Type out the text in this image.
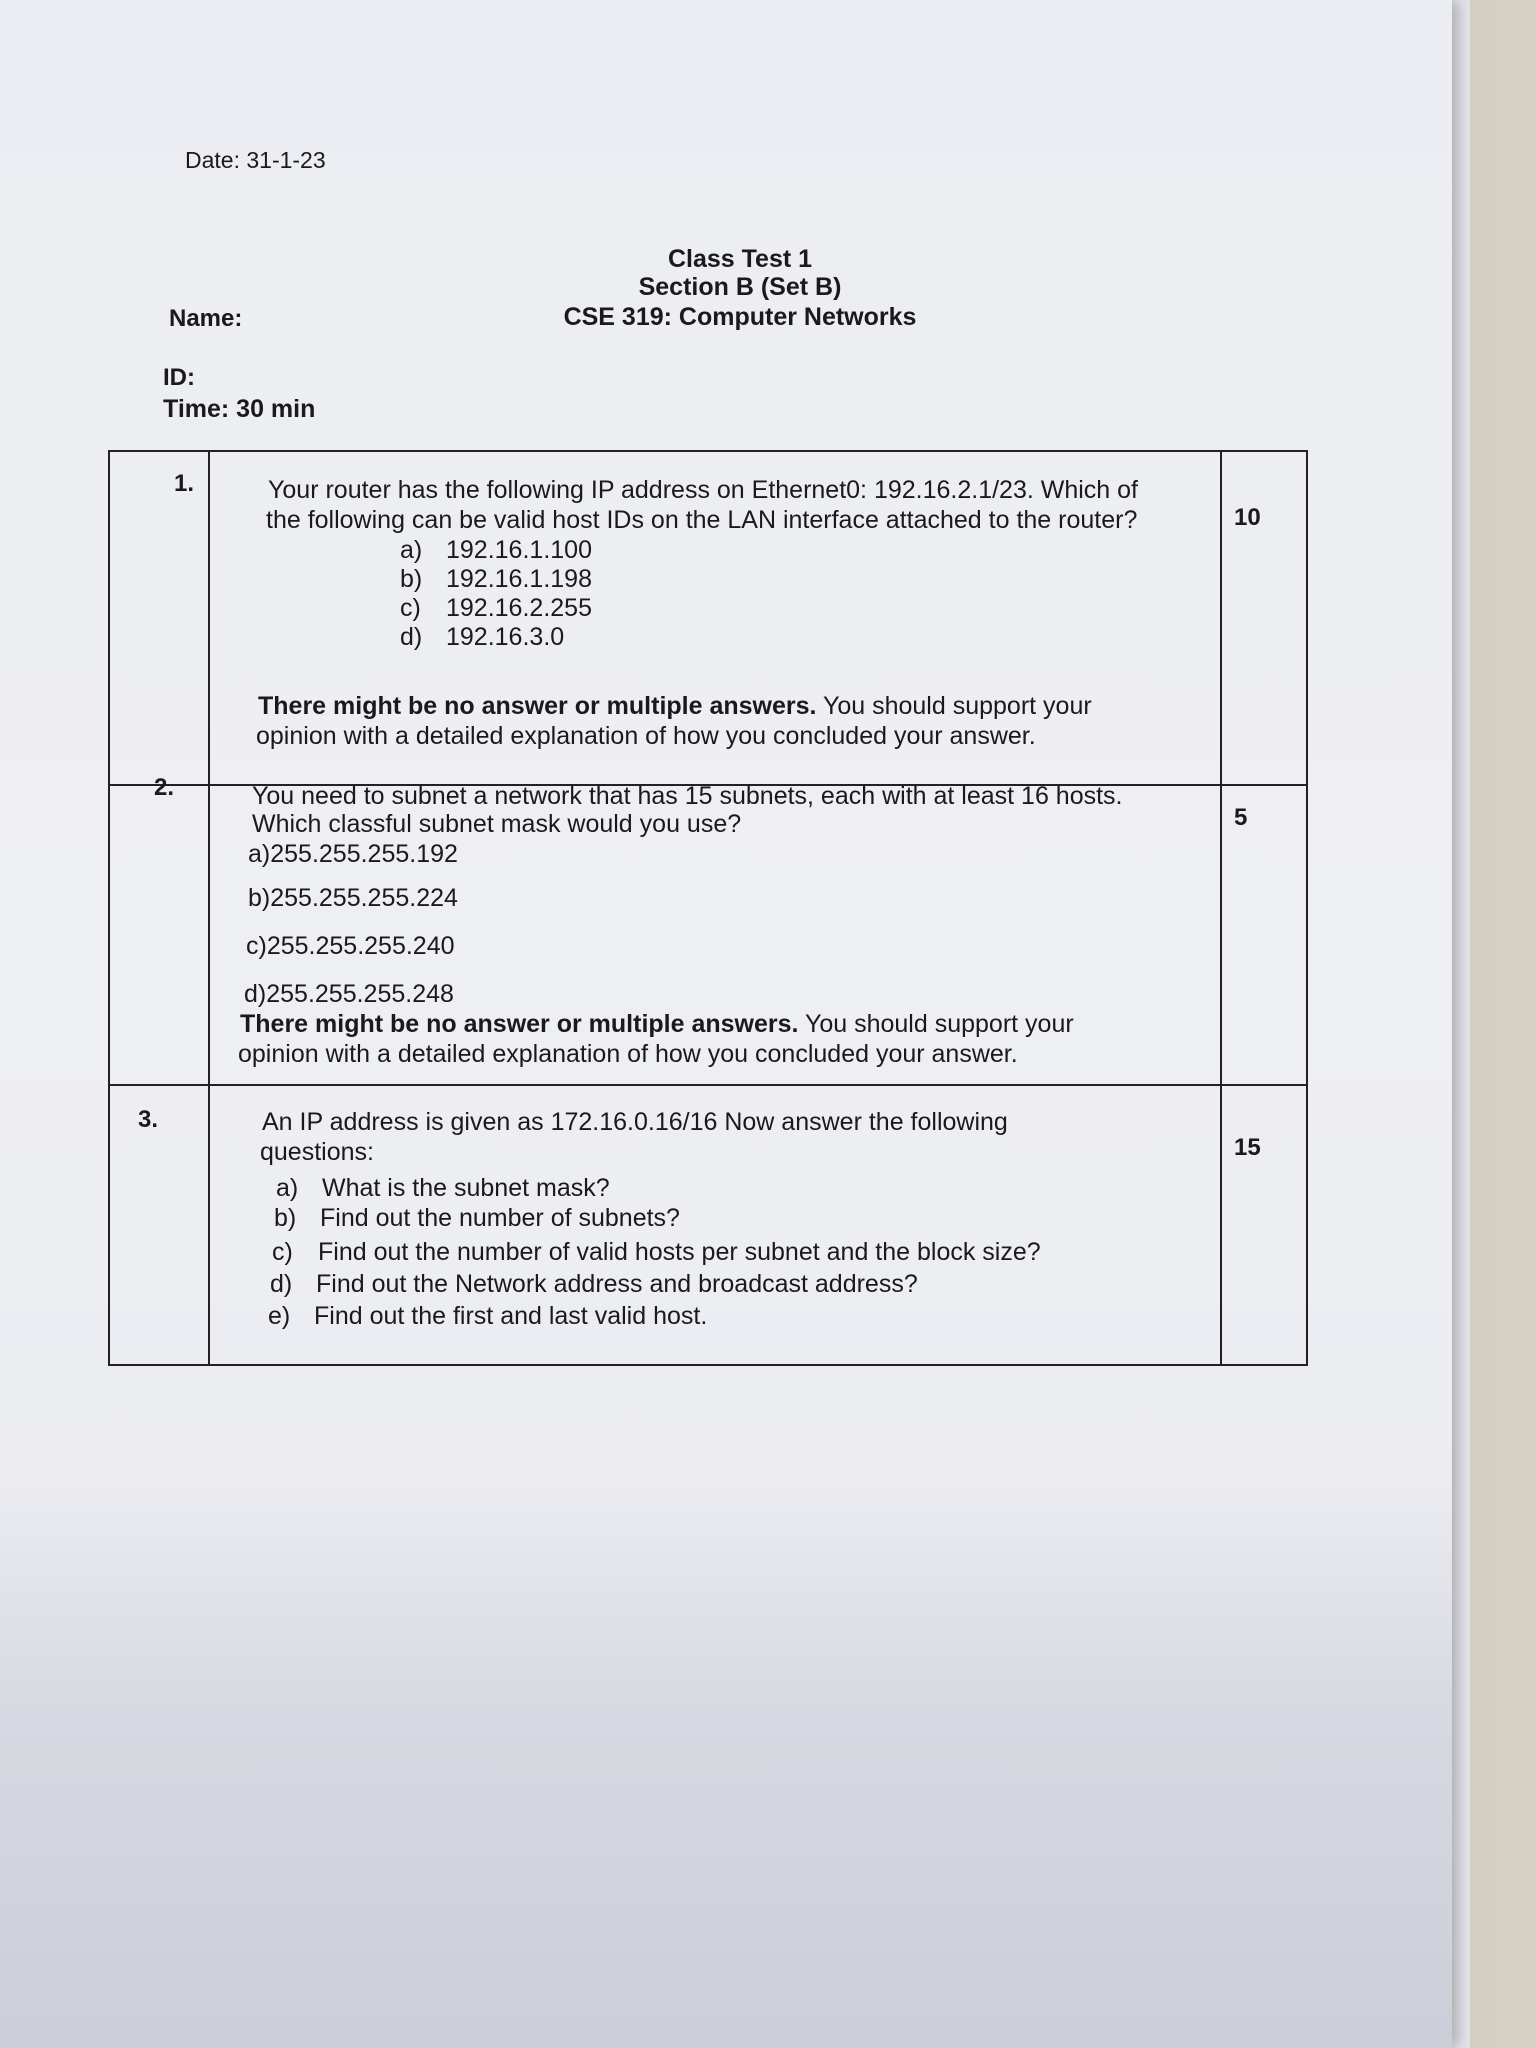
Date: 31-1-23
Class Test 1
Section B (Set B)
CSE 319: Computer Networks
Name:
ID:
Time: 30 min
1.
10
Your router has the following IP address on Ethernet0: 192.16.2.1/23. Which of
the following can be valid host IDs on the LAN interface attached to the router?
a) 192.16.1.100
b) 192.16.1.198
c) 192.16.2.255
d) 192.16.3.0
There might be no answer or multiple answers. You should support your
opinion with a detailed explanation of how you concluded your answer.
2.
5
You need to subnet a network that has 15 subnets, each with at least 16 hosts.
Which classful subnet mask would you use?
a)255.255.255.192
b)255.255.255.224
c)255.255.255.240
d)255.255.255.248
There might be no answer or multiple answers. You should support your
opinion with a detailed explanation of how you concluded your answer.
3.
15
An IP address is given as 172.16.0.16/16 Now answer the following
questions:
a) What is the subnet mask?
b) Find out the number of subnets?
c) Find out the number of valid hosts per subnet and the block size?
d) Find out the Network address and broadcast address?
e) Find out the first and last valid host.
